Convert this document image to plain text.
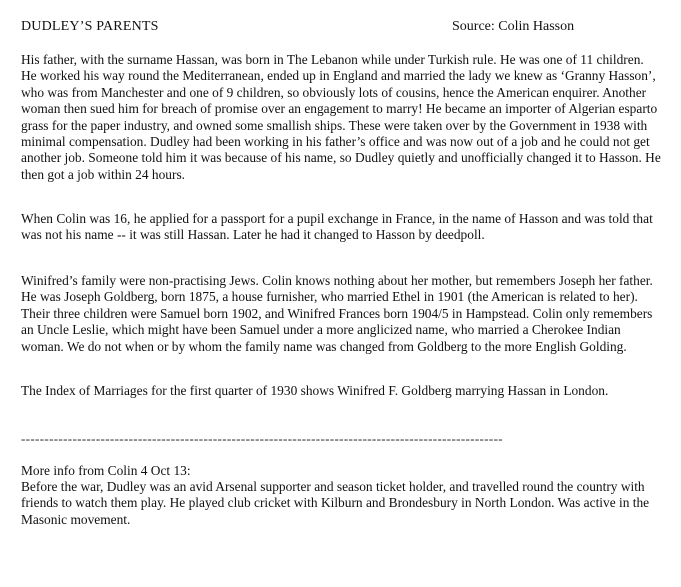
DUDLEY’S PARENTS	Source: Colin Hasson
His father, with the surname Hassan, was born in The Lebanon while under Turkish rule. He was one of 11 children. He worked his way round the Mediterranean, ended up in England and married the lady we knew as ‘Granny Hasson’, who was from Manchester and one of 9 children, so obviously lots of cousins, hence the American enquirer. Another woman then sued him for breach of promise over an engagement to marry! He became an importer of Algerian esparto grass for the paper industry, and owned some smallish ships. These were taken over by the Government in 1938 with minimal compensation. Dudley had been working in his father’s office and was now out of a job and he could not get another job. Someone told him it was because of his name, so Dudley quietly and unofficially changed it to Hasson. He then got a job within 24 hours.
When Colin was 16, he applied for a passport for a pupil exchange in France, in the name of Hasson and was told that was not his name -- it was still Hassan. Later he had it changed to Hasson by deedpoll.
Winifred’s family were non-practising Jews. Colin knows nothing about her mother, but remembers Joseph her father. He was Joseph Goldberg, born 1875, a house furnisher, who married Ethel in 1901 (the American is related to her). Their three children were Samuel born 1902, and Winifred Frances born 1904/5 in Hampstead. Colin only remembers an Uncle Leslie, which might have been Samuel under a more anglicized name, who married a Cherokee Indian woman. We do not when or by whom the family name was changed from Goldberg to the more English Golding.
The Index of Marriages for the first quarter of 1930 shows Winifred F. Goldberg marrying Hassan in London.
-------------------------------------------------------------------------------------------------------
More info from Colin 4 Oct 13:
Before the war, Dudley was an avid Arsenal supporter and season ticket holder, and travelled round the country with friends to watch them play. He played club cricket with Kilburn and Brondesbury in North London. Was active in the Masonic movement.
